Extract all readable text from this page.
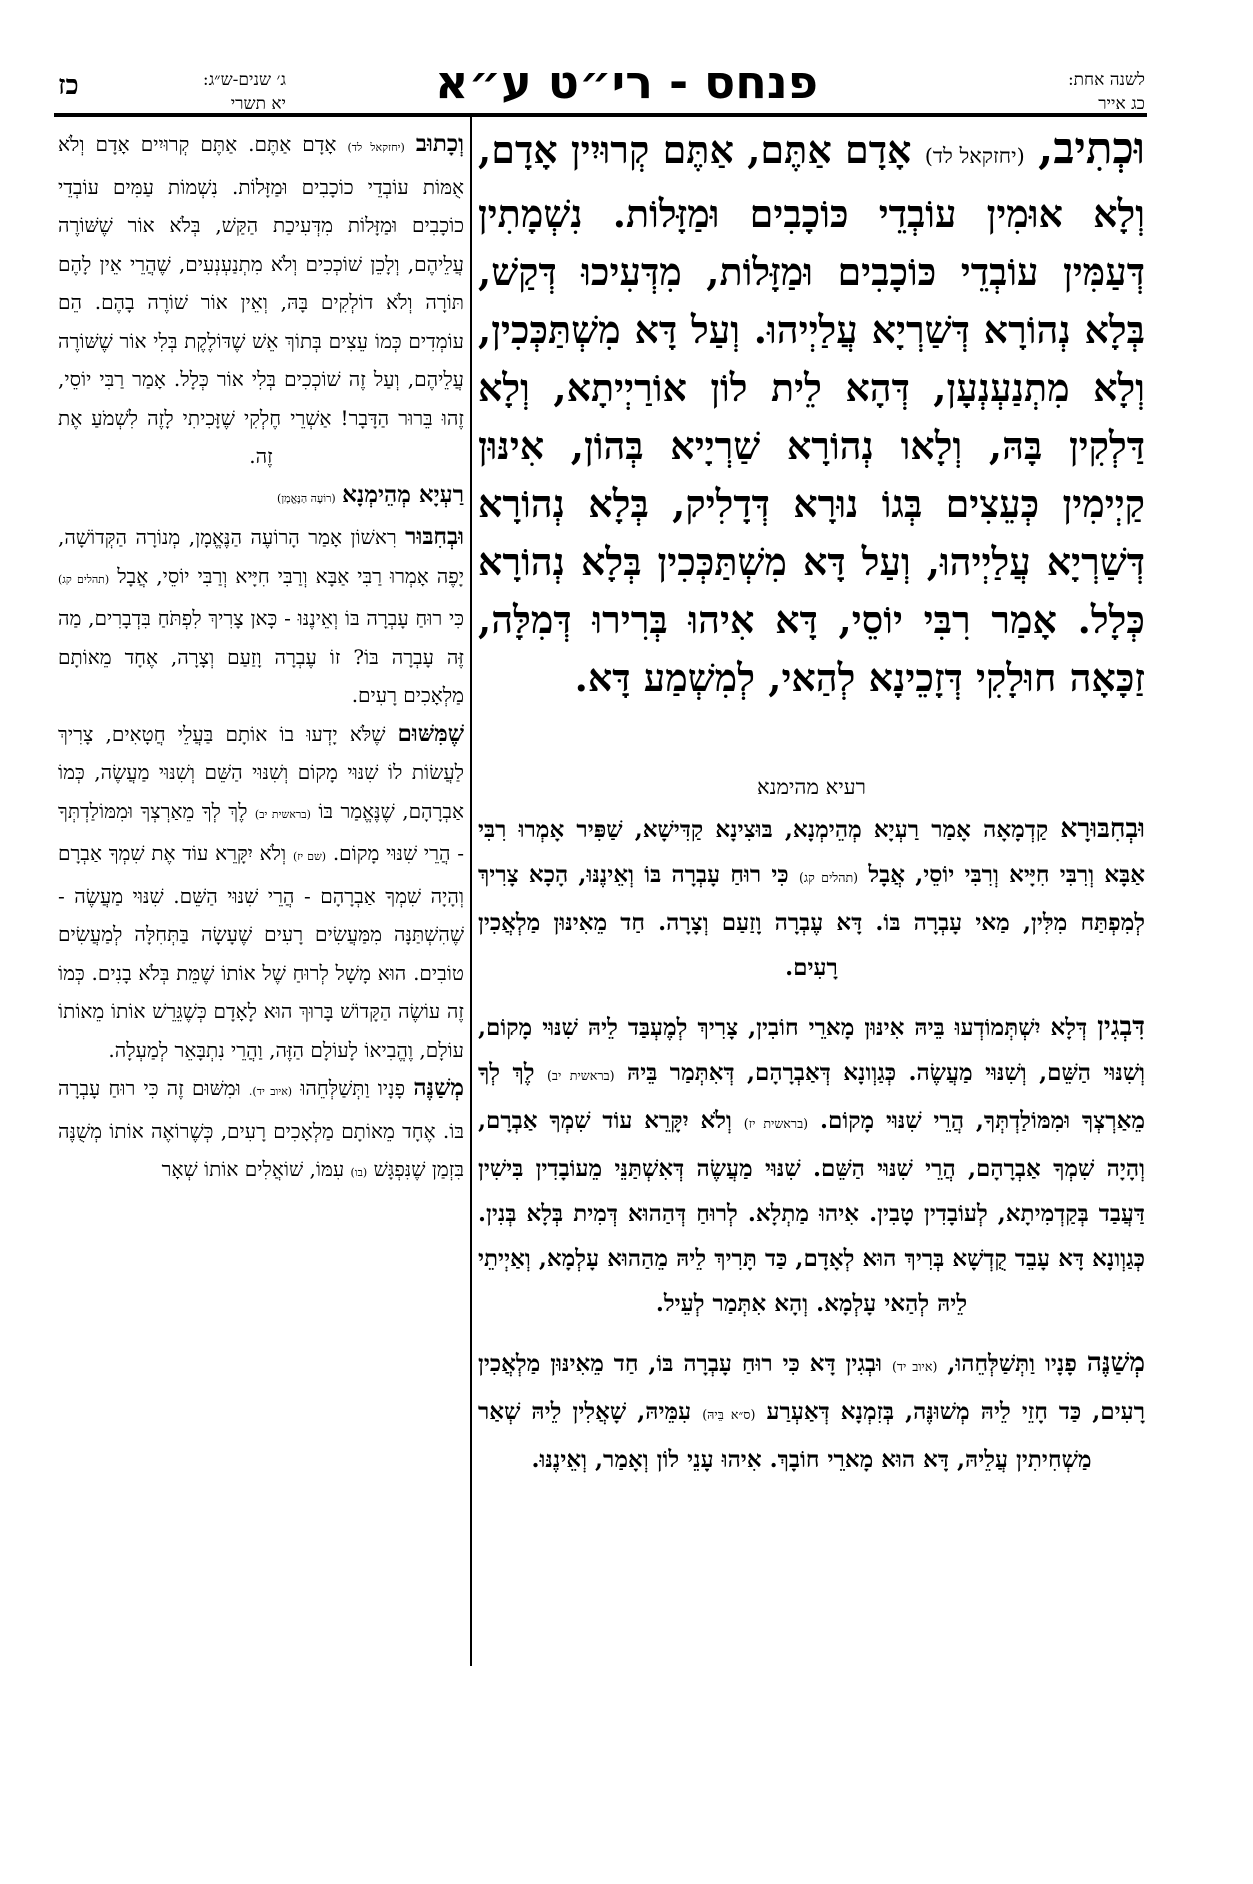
כז	ג׳ שנים-ש״ג:
יא תשרי	פנחס - רי״ט ע״א	לשנה אחת:
כג אייר

וּכְתִיב, (יחזקאל לד) אָדָם אַתֶּם, אַתֶּם קְרוּיִין אָדָם, וְלָא אוּמִין עוֹבְדֵי כּוֹכָבִים וּמַזָּלוֹת. נִשְׁמָתִין דְּעַמִּין עוֹבְדֵי כּוֹכָבִים וּמַזָּלוֹת, מִדְּעִיכוּ דְּקַשׁ, בְּלָא נְהוֹרָא דְּשַׁרְיָא עֲלַיְיהוּ. וְעַל דָּא מִשְׁתַּכְּכִין, וְלָא מִתְנַעְנְעָן, דְּהָא לֵית לוֹן אוֹרַיְיתָא, וְלָא דַּלְקִין בָּהּ, וְלָאו נְהוֹרָא שַׁרְיָיא בְּהוֹן, אִינּוּן קַיְימִין כְּעֵצִים בְּגוֹ נוּרָא דְּדָלִיק, בְּלָא נְהוֹרָא דְּשַׁרְיָא עֲלַיְיהוּ, וְעַל דָּא מִשְׁתַּכְּכִין בְּלָא נְהוֹרָא כְּלָל. אָמַר רִבִּי יוֹסֵי, דָּא אִיהוּ בְּרִירוּ דְּמִלָּה, זַכָּאָה חוּלָקִי דְּזָכֵינָא לְהַאי, לְמִשְׁמַע דָּא.

רעיא מהימנא

וּבְחִבּוּרָא קַדְמָאָה אָמַר רַעְיָא מְהֵימְנָא, בּוּצִינָא קַדִּישָׁא, שַׁפִּיר אָמְרוּ רִבִּי אַבָּא וְרִבִּי חִיָּיא וְרִבִּי יוֹסֵי, אֲבָל (תהלים קג) כִּי רוּחַ עָבְרָה בּוֹ וְאֵינֶנּוּ, הָכָא צָרִיךְ לְמִפְתַּח מִלִּין, מַאי עָבְרָה בּוֹ. דָּא עֶבְרָה וָזַעַם וְצָרָה. חַד מֵאִינּוּן מַלְאֲכִין רָעִים.

דִּבְגִין דְּלָא יִשְׁתְּמוֹדְעוּ בֵּיהּ אִינּוּן מָארֵי חוֹבִין, צָרִיךְ לְמֶעְבַּד לֵיהּ שִׁנּוּי מָקוֹם, וְשִׁנּוּי הַשֵּׁם, וְשִׁנּוּי מַעֲשֶׂה. כְּגַוְונָא דְּאַבְרָהָם, דְּאִתְּמַר בֵּיהּ (בראשית יב) לֶךְ לְךָ מֵאַרְצְךָ וּמִמּוֹלַדְתְּךָ, הֲרֵי שִׁנּוּי מָקוֹם. (בראשית יז) וְלֹא יִקָּרֵא עוֹד שִׁמְךָ אַבְרָם, וְהָיָה שִׁמְךָ אַבְרָהָם, הֲרֵי שִׁנּוּי הַשֵּׁם. שִׁנּוּי מַעֲשֶׂה דְּאִשְׁתַּנֵּי מֵעוֹבָדִין בִּישִׁין דַּעֲבַד בְּקַדְמִיתָא, לְעוֹבָדִין טָבִין. אִיהוּ מַתְלָא. לְרוּחַ דְּהַהוּא דְּמִית בְּלָא בְּנִין. כְּגַוְונָא דָּא עָבֵד קֻדְשָׁא בְּרִיךְ הוּא לְאָדָם, כַּד תָּרִיךְ לֵיהּ מֵהַהוּא עָלְמָא, וְאַיְיתֵי לֵיהּ לְהַאי עָלְמָא. וְהָא אִתְּמַר לְעֵיל.

מְשַׁנֶּה פָנָיו וַתְּשַׁלְּחֵהוּ, (איוב יד) וּבְגִין דָּא כִּי רוּחַ עָבְרָה בּוֹ, חַד מֵאִינּוּן מַלְאֲכִין רָעִים, כַּד חָזֵי לֵיהּ מְשׁוּנֶּה, בְּזִמְנָא דְּאַעְרַע (ס״א בֵּיהּ) עִמֵּיהּ, שָׁאֲלִין לֵיהּ שְׁאַר מַשְׁחִיתִין עֲלֵיהּ, דָּא הוּא מָארֵי חוֹבָךְ. אִיהוּ עָנֵי לוֹן וְאָמַר, וְאֵינֶנּוּ.

וְכָתוּב (יחזקאל לד) אָדָם אַתֶּם. אַתֶּם קְרוּיִים אָדָם וְלֹא אֻמּוֹת עוֹבְדֵי כוֹכָבִים וּמַזָּלוֹת. נִשְׁמוֹת עַמִּים עוֹבְדֵי כוֹכָבִים וּמַזָּלוֹת מִדְּעִיכַת הַקַּשׁ, בְּלֹא אוֹר שֶׁשּׁוֹרֶה עֲלֵיהֶם, וְלָכֵן שׁוֹכְכִים וְלֹא מִתְנַעְנְעִים, שֶׁהֲרֵי אֵין לָהֶם תּוֹרָה וְלֹא דוֹלְקִים בָּהּ, וְאֵין אוֹר שׁוֹרֶה בָהֶם. הֵם עוֹמְדִים כְּמוֹ עֵצִים בְּתוֹךְ אֵשׁ שֶׁדּוֹלֶקֶת בְּלִי אוֹר שֶׁשּׁוֹרֶה עֲלֵיהֶם, וְעַל זֶה שׁוֹכְכִים בְּלִי אוֹר כְּלָל. אָמַר רַבִּי יוֹסֵי, זֶהוּ בֵּרוּר הַדָּבָר! אַשְׁרֵי חֶלְקִי שֶׁזָּכִיתִי לָזֶה לִשְׁמֹעַ אֶת זֶה.

רַעְיָא מְהֵימְנָא (רוֹעֶה הַנֶּאֱמָן)

וּבְחִבּוּר רִאשׁוֹן אָמַר הָרוֹעֶה הַנֶּאֱמָן, מְנוֹרָה הַקְּדוֹשָׁה, יָפֶה אָמְרוּ רַבִּי אַבָּא וְרַבִּי חִיָּיא וְרַבִּי יוֹסֵי, אֲבָל (תהלים קג) כִּי רוּחַ עָבְרָה בּוֹ וְאֵינֶנּוּ - כָּאן צָרִיךְ לִפְתֹּחַ בִּדְבָרִים, מַה זֶּה עָבְרָה בּוֹ? זוֹ עֶבְרָה וָזַעַם וְצָרָה, אֶחָד מֵאוֹתָם מַלְאָכִים רָעִים.

שֶׁמִּשּׁוּם שֶׁלֹּא יָדְעוּ בוֹ אוֹתָם בַּעֲלֵי חֲטָאִים, צָרִיךְ לַעֲשׂוֹת לוֹ שִׁנּוּי מָקוֹם וְשִׁנּוּי הַשֵּׁם וְשִׁנּוּי מַעֲשֶׂה, כְּמוֹ אַבְרָהָם, שֶׁנֶּאֱמַר בּוֹ (בראשית יב) לֶךְ לְךָ מֵאַרְצְךָ וּמִמּוֹלַדְתְּךָ - הֲרֵי שִׁנּוּי מָקוֹם. (שם יז) וְלֹא יִקָּרֵא עוֹד אֶת שִׁמְךָ אַבְרָם וְהָיָה שִׁמְךָ אַבְרָהָם - הֲרֵי שִׁנּוּי הַשֵּׁם. שִׁנּוּי מַעֲשֶׂה - שֶׁהִשְׁתַּנָּה מִמַּעֲשִׂים רָעִים שֶׁעָשָׂה בַּתְּחִלָּה לְמַעֲשִׂים טוֹבִים. הוּא מָשָׁל לְרוּחַ שֶׁל אוֹתוֹ שֶׁמֵּת בְּלֹא בָנִים. כְּמוֹ זֶה עוֹשֶׂה הַקָּדוֹשׁ בָּרוּךְ הוּא לָאָדָם כְּשֶׁגֵּרֵשׁ אוֹתוֹ מֵאוֹתוֹ עוֹלָם, וֶהֱבִיאוֹ לָעוֹלָם הַזֶּה, וַהֲרֵי נִתְבָּאֵר לְמַעְלָה.

מְשַׁנֶּה פָנָיו וַתְּשַׁלְּחֵהוּ (איוב יד). וּמִשּׁוּם זֶה כִּי רוּחַ עָבְרָה בּוֹ. אֶחָד מֵאוֹתָם מַלְאָכִים רָעִים, כְּשֶׁרוֹאֶה אוֹתוֹ מְשֻׁנֶּה בִּזְמַן שֶׁנִּפְגָּשׁ (בו) עִמּוֹ, שׁוֹאֲלִים אוֹתוֹ שְׁאָר
